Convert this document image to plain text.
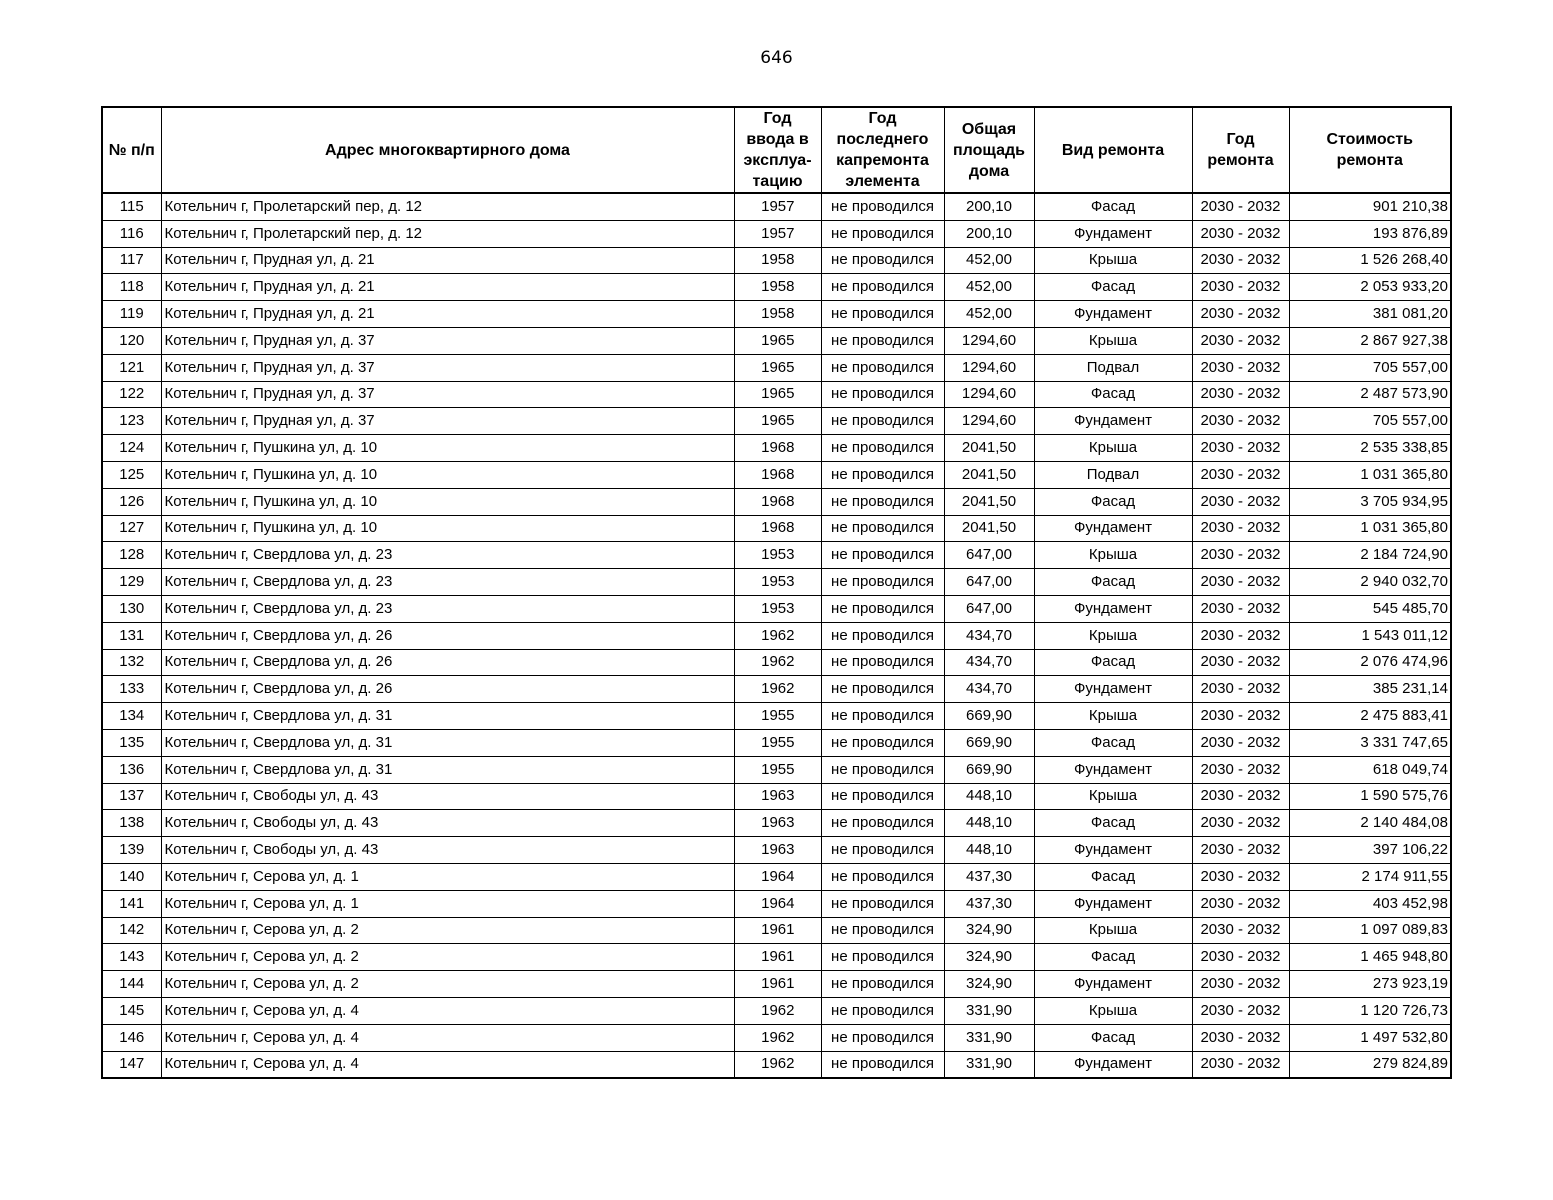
646
№ п/п	Адрес многоквартирного дома	Год ввода в эксплуа-тацию	Год последнего капремонта элемента	Общая площадь дома	Вид ремонта	Год ремонта	Стоимость ремонта
115	Котельнич г, Пролетарский пер, д. 12	1957	не проводился	200,10	Фасад	2030 - 2032	901 210,38
116	Котельнич г, Пролетарский пер, д. 12	1957	не проводился	200,10	Фундамент	2030 - 2032	193 876,89
117	Котельнич г, Прудная ул, д. 21	1958	не проводился	452,00	Крыша	2030 - 2032	1 526 268,40
118	Котельнич г, Прудная ул, д. 21	1958	не проводился	452,00	Фасад	2030 - 2032	2 053 933,20
119	Котельнич г, Прудная ул, д. 21	1958	не проводился	452,00	Фундамент	2030 - 2032	381 081,20
120	Котельнич г, Прудная ул, д. 37	1965	не проводился	1294,60	Крыша	2030 - 2032	2 867 927,38
121	Котельнич г, Прудная ул, д. 37	1965	не проводился	1294,60	Подвал	2030 - 2032	705 557,00
122	Котельнич г, Прудная ул, д. 37	1965	не проводился	1294,60	Фасад	2030 - 2032	2 487 573,90
123	Котельнич г, Прудная ул, д. 37	1965	не проводился	1294,60	Фундамент	2030 - 2032	705 557,00
124	Котельнич г, Пушкина ул, д. 10	1968	не проводился	2041,50	Крыша	2030 - 2032	2 535 338,85
125	Котельнич г, Пушкина ул, д. 10	1968	не проводился	2041,50	Подвал	2030 - 2032	1 031 365,80
126	Котельнич г, Пушкина ул, д. 10	1968	не проводился	2041,50	Фасад	2030 - 2032	3 705 934,95
127	Котельнич г, Пушкина ул, д. 10	1968	не проводился	2041,50	Фундамент	2030 - 2032	1 031 365,80
128	Котельнич г, Свердлова ул, д. 23	1953	не проводился	647,00	Крыша	2030 - 2032	2 184 724,90
129	Котельнич г, Свердлова ул, д. 23	1953	не проводился	647,00	Фасад	2030 - 2032	2 940 032,70
130	Котельнич г, Свердлова ул, д. 23	1953	не проводился	647,00	Фундамент	2030 - 2032	545 485,70
131	Котельнич г, Свердлова ул, д. 26	1962	не проводился	434,70	Крыша	2030 - 2032	1 543 011,12
132	Котельнич г, Свердлова ул, д. 26	1962	не проводился	434,70	Фасад	2030 - 2032	2 076 474,96
133	Котельнич г, Свердлова ул, д. 26	1962	не проводился	434,70	Фундамент	2030 - 2032	385 231,14
134	Котельнич г, Свердлова ул, д. 31	1955	не проводился	669,90	Крыша	2030 - 2032	2 475 883,41
135	Котельнич г, Свердлова ул, д. 31	1955	не проводился	669,90	Фасад	2030 - 2032	3 331 747,65
136	Котельнич г, Свердлова ул, д. 31	1955	не проводился	669,90	Фундамент	2030 - 2032	618 049,74
137	Котельнич г, Свободы ул, д. 43	1963	не проводился	448,10	Крыша	2030 - 2032	1 590 575,76
138	Котельнич г, Свободы ул, д. 43	1963	не проводился	448,10	Фасад	2030 - 2032	2 140 484,08
139	Котельнич г, Свободы ул, д. 43	1963	не проводился	448,10	Фундамент	2030 - 2032	397 106,22
140	Котельнич г, Серова ул, д. 1	1964	не проводился	437,30	Фасад	2030 - 2032	2 174 911,55
141	Котельнич г, Серова ул, д. 1	1964	не проводился	437,30	Фундамент	2030 - 2032	403 452,98
142	Котельнич г, Серова ул, д. 2	1961	не проводился	324,90	Крыша	2030 - 2032	1 097 089,83
143	Котельнич г, Серова ул, д. 2	1961	не проводился	324,90	Фасад	2030 - 2032	1 465 948,80
144	Котельнич г, Серова ул, д. 2	1961	не проводился	324,90	Фундамент	2030 - 2032	273 923,19
145	Котельнич г, Серова ул, д. 4	1962	не проводился	331,90	Крыша	2030 - 2032	1 120 726,73
146	Котельнич г, Серова ул, д. 4	1962	не проводился	331,90	Фасад	2030 - 2032	1 497 532,80
147	Котельнич г, Серова ул, д. 4	1962	не проводился	331,90	Фундамент	2030 - 2032	279 824,89
